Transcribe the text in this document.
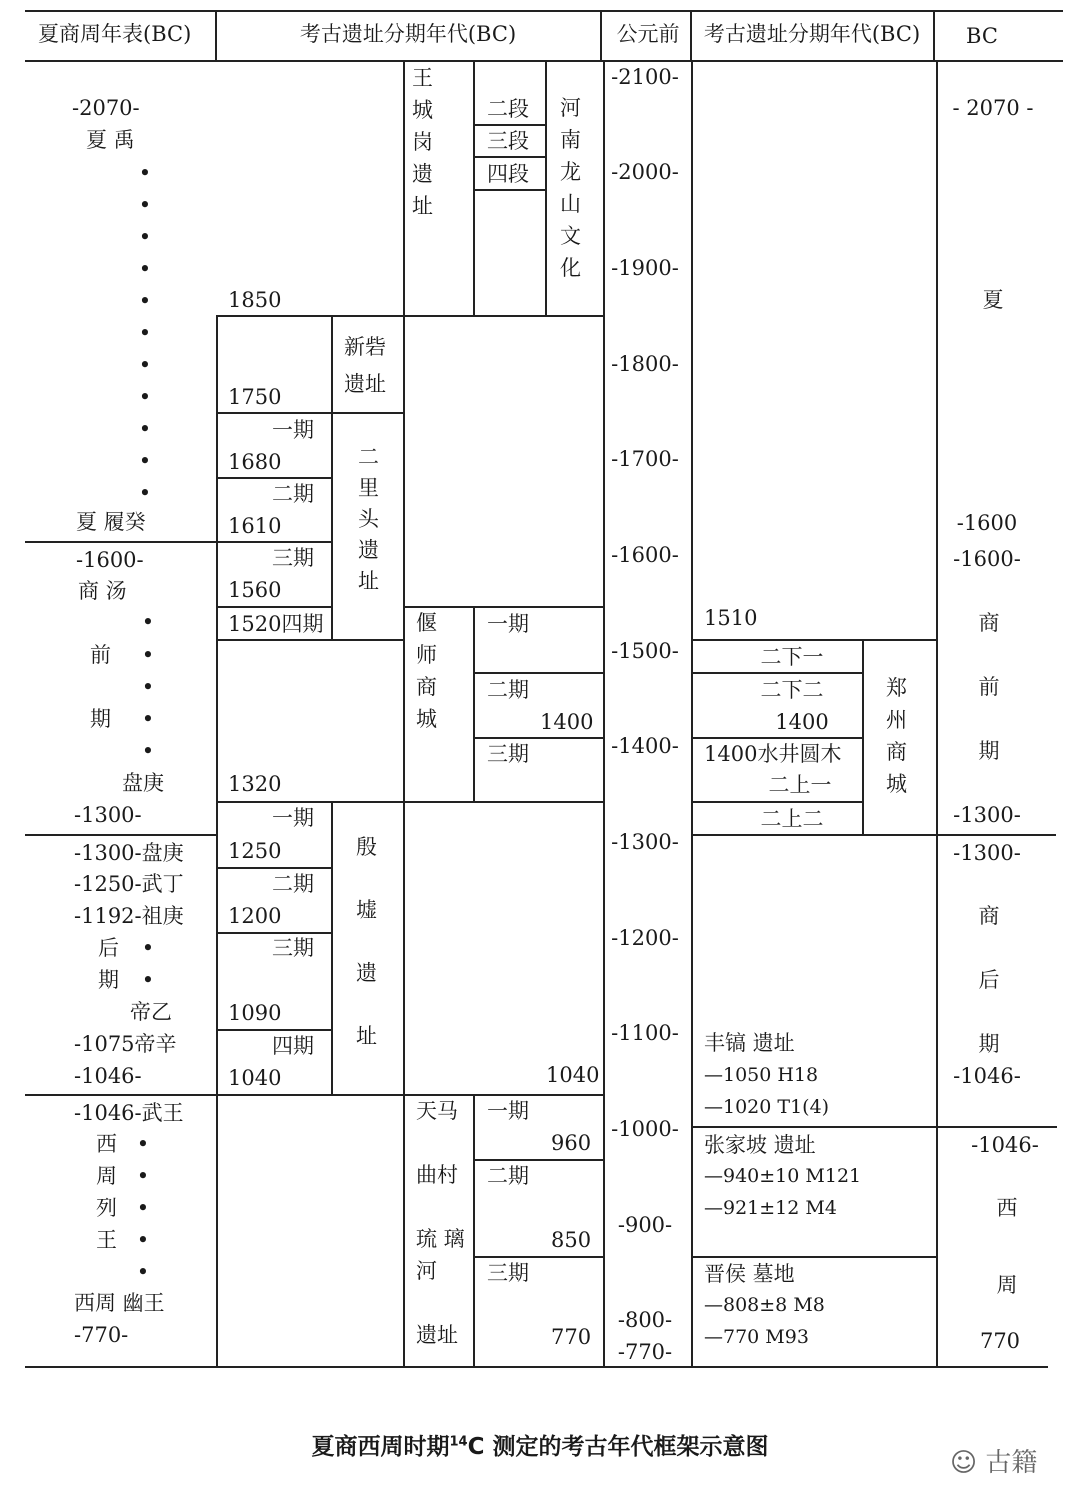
夏商周年表(BC)	考古遗址分期年代(BC)	公元前 考古遗址分期年代(BC) BC
-2070-
夏 禹
•
•
•
•
•
•
•
•
•
•
•
夏 履癸
-1600-
商 汤
•
前 •
•
期 •
•
盘庚
-1300-
-1300-盘庚
-1250-武丁
-1192-祖庚
后 •
期 •
帝乙
-1075帝辛
-1046-
-1046-武王
西 •
周 •
列 •
王 •
•
西周 幽王
-770-
王
城
岗
遗
址
二段
三段
四段
河
南
龙
山
文
化
1850
新砦
遗址
1750
一期
1680
二期
1610
三期
1560
1520四期
二
里
头
遗
址
偃
师
商
城
一期
二期
1400
三期
1320
一期
1250
二期
1200
三期
1090
四期
1040
殷
墟
遗
址
1040
天马
曲村
琉 璃
河
遗址
一期
960
二期
850
三期
770
-2100-
-2000-
-1900-
-1800-
-1700-
-1600-
-1500-
-1400-
-1300-
-1200-
-1100-
-1000-
-900-
-800-
-770-
1510
二下一
二下二
1400
1400水井圆木
二上一
二上二
郑
州
商
城
丰镐 遗址
—1050 H18
—1020 T1(4)
张家坡 遗址
—940±10 M121
—921±12 M4
晋侯 墓地
—808±8 M8
—770 M93
- 2070 -
夏
-1600
-1600-
商
前
期
-1300-
-1300-
商
后
期
-1046-
-1046-
西
周
770
夏商西周时期$^{14}$C 测定的考古年代框架示意图
☺ 古籍
